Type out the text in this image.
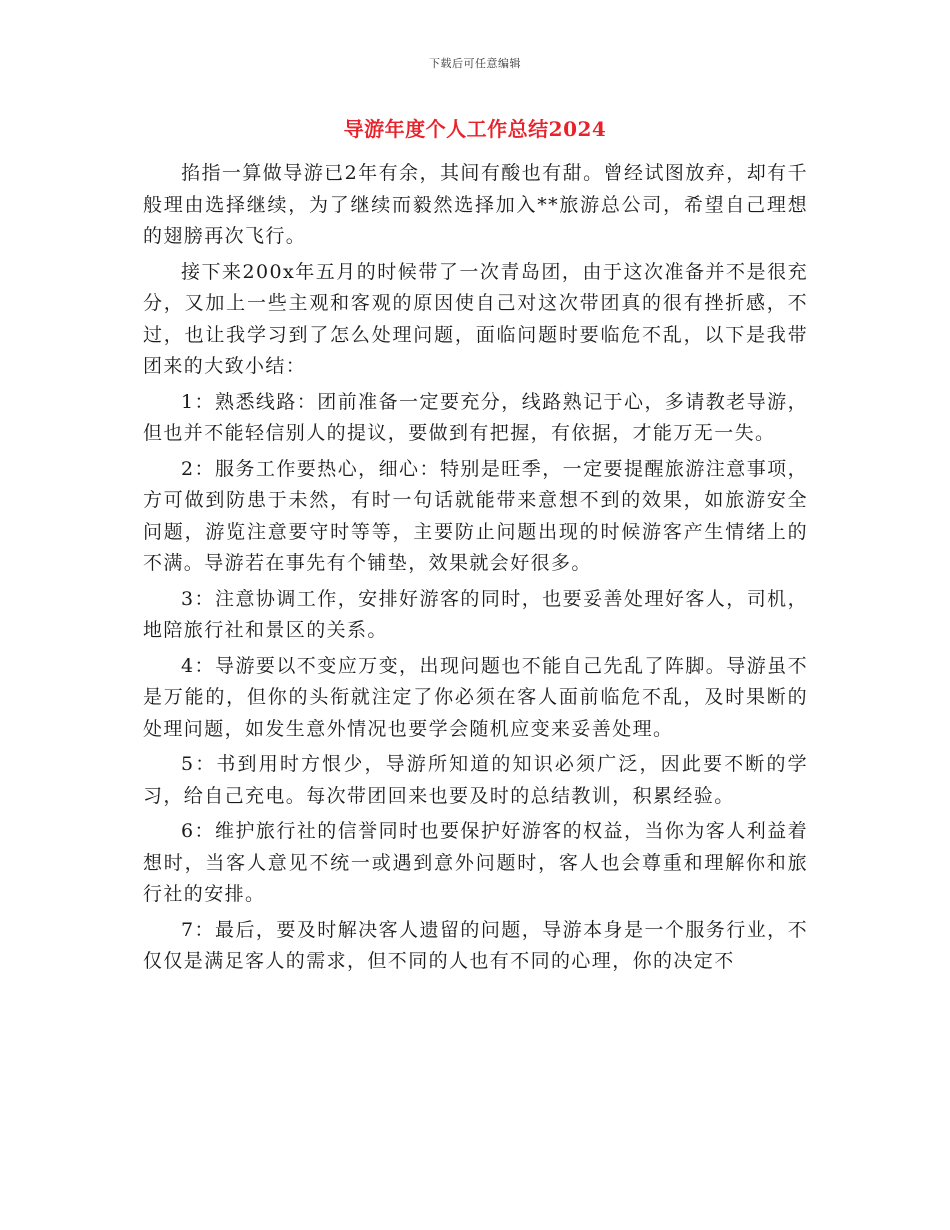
下载后可任意编辑
导游年度个人工作总结2024

掐指一算做导游已2年有余，其间有酸也有甜。曾经试图放弃，却有千般理由选择继续，为了继续而毅然选择加入**旅游总公司，希望自己理想的翅膀再次飞行。

接下来200x年五月的时候带了一次青岛团，由于这次准备并不是很充分，又加上一些主观和客观的原因使自己对这次带团真的很有挫折感，不过，也让我学习到了怎么处理问题，面临问题时要临危不乱，以下是我带团来的大致小结：

1：熟悉线路：团前准备一定要充分，线路熟记于心，多请教老导游，但也并不能轻信别人的提议，要做到有把握，有依据，才能万无一失。

2：服务工作要热心，细心：特别是旺季，一定要提醒旅游注意事项，方可做到防患于未然，有时一句话就能带来意想不到的效果，如旅游安全问题，游览注意要守时等等，主要防止问题出现的时候游客产生情绪上的不满。导游若在事先有个铺垫，效果就会好很多。

3：注意协调工作，安排好游客的同时，也要妥善处理好客人，司机，地陪旅行社和景区的关系。

4：导游要以不变应万变，出现问题也不能自己先乱了阵脚。导游虽不是万能的，但你的头衔就注定了你必须在客人面前临危不乱，及时果断的处理问题，如发生意外情况也要学会随机应变来妥善处理。

5：书到用时方恨少，导游所知道的知识必须广泛，因此要不断的学习，给自己充电。每次带团回来也要及时的总结教训，积累经验。

6：维护旅行社的信誉同时也要保护好游客的权益，当你为客人利益着想时，当客人意见不统一或遇到意外问题时，客人也会尊重和理解你和旅行社的安排。

7：最后，要及时解决客人遗留的问题，导游本身是一个服务行业，不仅仅是满足客人的需求，但不同的人也有不同的心理，你的决定不
